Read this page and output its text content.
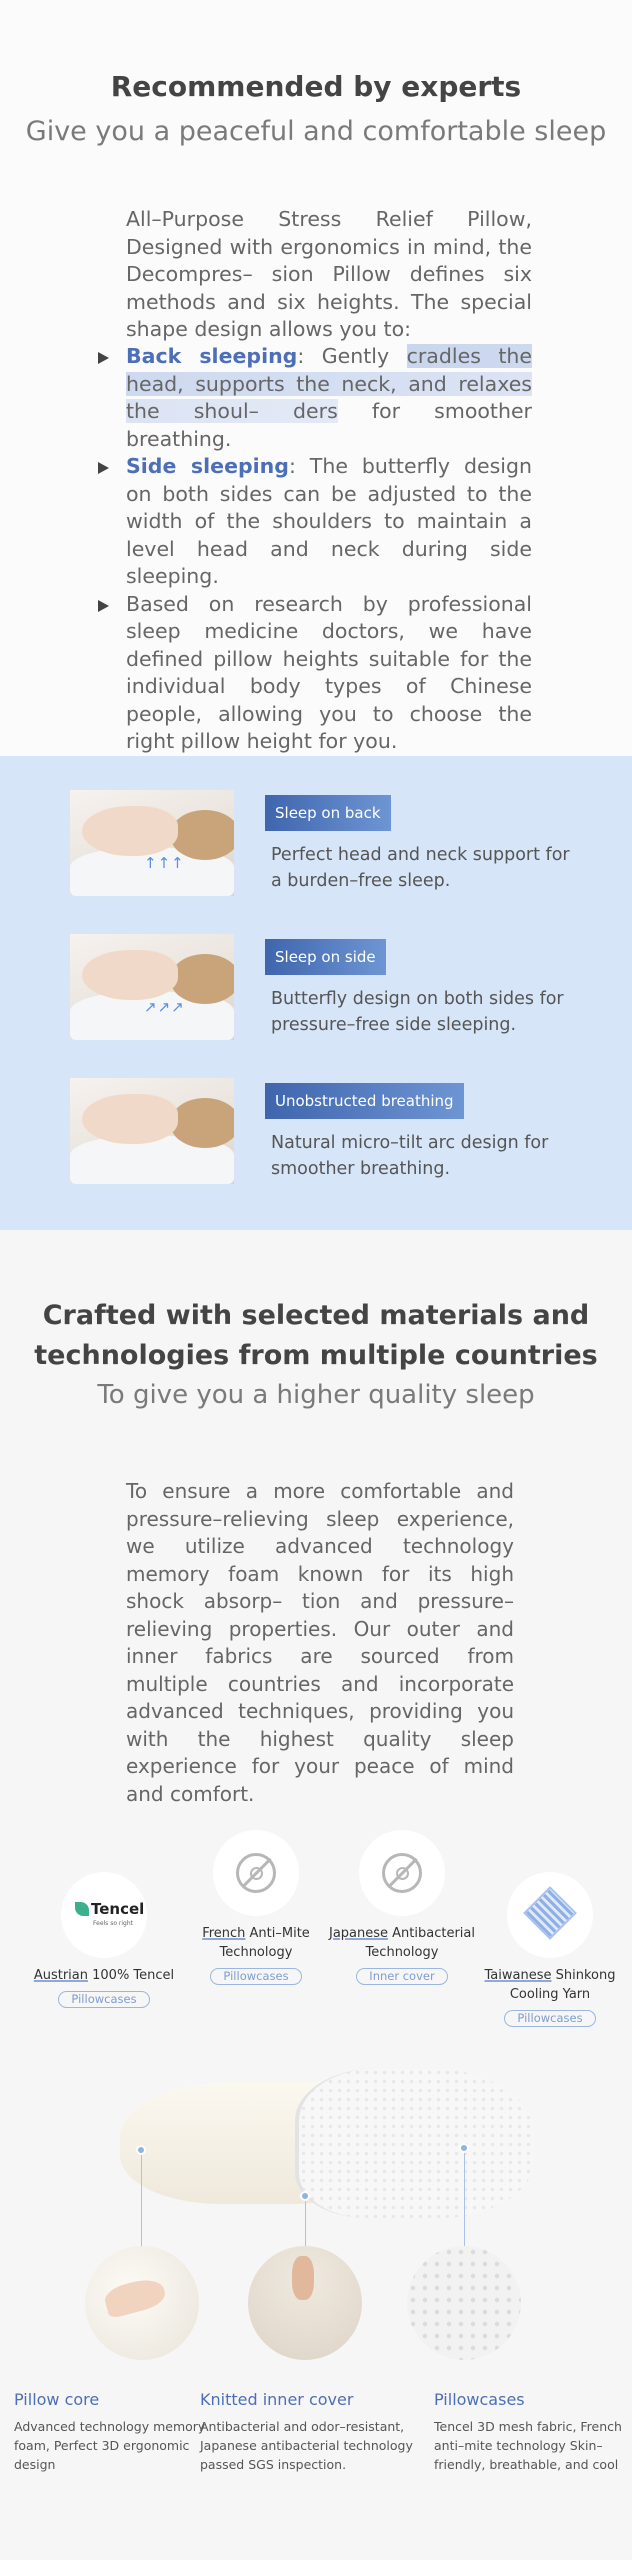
Recommended by experts
Give you a peaceful and comfortable sleep

All–Purpose Stress Relief Pillow, Designed with ergonomics in mind, the Decompres– sion Pillow defines six methods and six heights. The special shape design allows you to:

Back sleeping: Gently cradles the head, supports the neck, and relaxes the shoul– ders for smoother breathing.
Side sleeping: The butterfly design on both sides can be adjusted to the width of the shoulders to maintain a level head and neck during side sleeping.
Based on research by professional sleep medicine doctors, we have defined pillow heights suitable for the individual body types of Chinese people, allowing you to choose the right pillow height for you.
↑↑↑
Sleep on back
Perfect head and neck support for a burden–free sleep.
↗↗↗
Sleep on side
Butterfly design on both sides for pressure–free side sleeping.
Unobstructed breathing
Natural micro–tilt arc design for smoother breathing.
Crafted with selected materials and
technologies from multiple countries
To give you a higher quality sleep

To ensure a more comfortable and pressure–relieving sleep experience, we utilize advanced technology memory foam known for its high shock absorp– tion and pressure–relieving properties. Our outer and inner fabrics are sourced from multiple countries and incorporate advanced techniques, providing you with the highest quality sleep experience for your peace of mind and comfort.

Tencel
Feels so right
Austrian 100% Tencel
Pillowcases
French Anti–Mite
Technology
Pillowcases
Japanese Antibacterial
Technology
Inner cover	Taiwanese Shinkong
Cooling Yarn
Pillowcases
Pillow core
Advanced technology memory foam, Perfect 3D ergonomic design
Knitted inner cover
Antibacterial and odor–resistant, Japanese antibacterial technology passed SGS inspection.
Pillowcases
Tencel 3D mesh fabric, French anti–mite technology Skin–friendly, breathable, and cool
